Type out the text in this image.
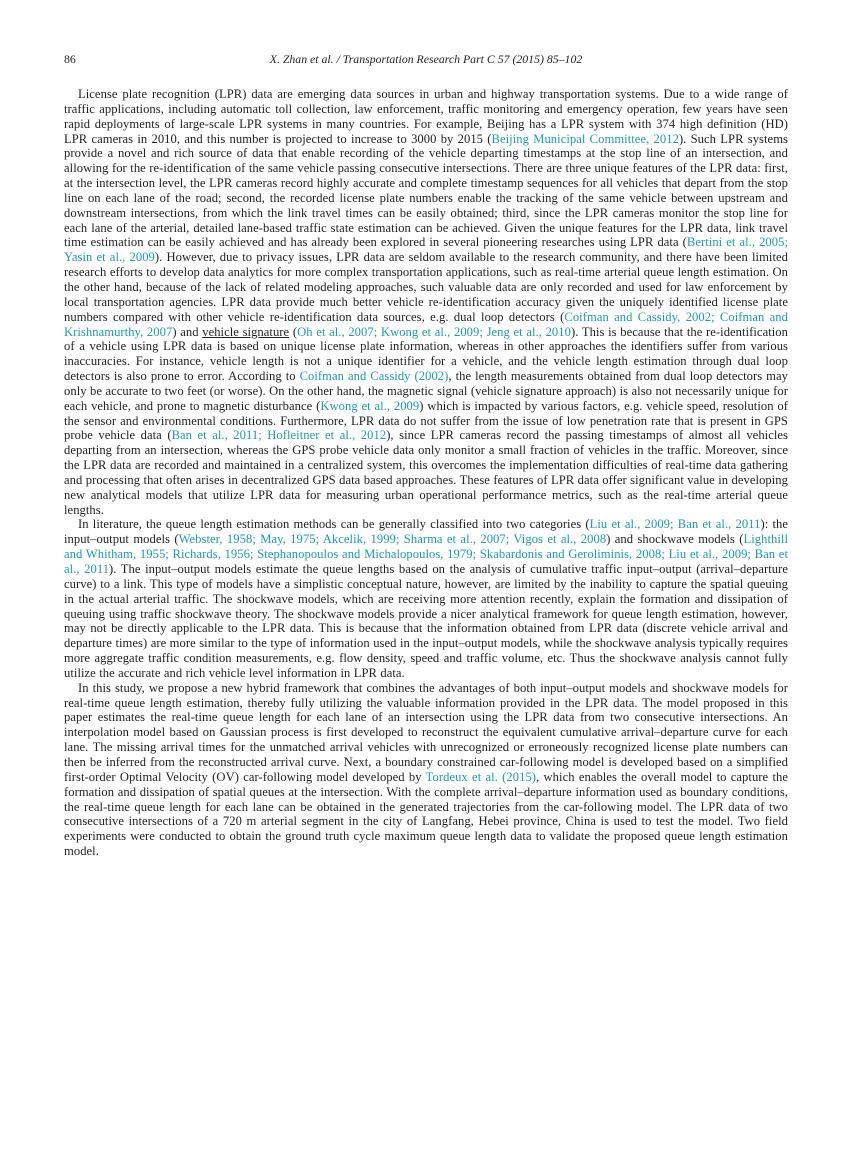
86	X. Zhan et al. / Transportation Research Part C 57 (2015) 85–102

License plate recognition (LPR) data are emerging data sources in urban and highway transportation systems. Due to a wide range of traffic applications, including automatic toll collection, law enforcement, traffic monitoring and emergency operation, few years have seen rapid deployments of large-scale LPR systems in many countries. For example, Beijing has a LPR system with 374 high definition (HD) LPR cameras in 2010, and this number is projected to increase to 3000 by 2015 (Beijing Municipal Committee, 2012). Such LPR systems provide a novel and rich source of data that enable recording of the vehicle departing timestamps at the stop line of an intersection, and allowing for the re-identification of the same vehicle passing consecutive intersections. There are three unique features of the LPR data: first, at the intersection level, the LPR cameras record highly accurate and complete timestamp sequences for all vehicles that depart from the stop line on each lane of the road; second, the recorded license plate numbers enable the tracking of the same vehicle between upstream and downstream intersections, from which the link travel times can be easily obtained; third, since the LPR cameras monitor the stop line for each lane of the arterial, detailed lane-based traffic state estimation can be achieved. Given the unique features for the LPR data, link travel time estimation can be easily achieved and has already been explored in several pioneering researches using LPR data (Bertini et al., 2005; Yasin et al., 2009). However, due to privacy issues, LPR data are seldom available to the research community, and there have been limited research efforts to develop data analytics for more complex transportation applications, such as real-time arterial queue length estimation. On the other hand, because of the lack of related modeling approaches, such valuable data are only recorded and used for law enforcement by local transportation agencies. LPR data provide much better vehicle re-identification accuracy given the uniquely identified license plate numbers compared with other vehicle re-identification data sources, e.g. dual loop detectors (Coifman and Cassidy, 2002; Coifman and Krishnamurthy, 2007) and vehicle signature (Oh et al., 2007; Kwong et al., 2009; Jeng et al., 2010). This is because that the re-identification of a vehicle using LPR data is based on unique license plate information, whereas in other approaches the identifiers suffer from various inaccuracies. For instance, vehicle length is not a unique identifier for a vehicle, and the vehicle length estimation through dual loop detectors is also prone to error. According to Coifman and Cassidy (2002), the length measurements obtained from dual loop detectors may only be accurate to two feet (or worse). On the other hand, the magnetic signal (vehicle signature approach) is also not necessarily unique for each vehicle, and prone to magnetic disturbance (Kwong et al., 2009) which is impacted by various factors, e.g. vehicle speed, resolution of the sensor and environmental conditions. Furthermore, LPR data do not suffer from the issue of low penetration rate that is present in GPS probe vehicle data (Ban et al., 2011; Hofleitner et al., 2012), since LPR cameras record the passing timestamps of almost all vehicles departing from an intersection, whereas the GPS probe vehicle data only monitor a small fraction of vehicles in the traffic. Moreover, since the LPR data are recorded and maintained in a centralized system, this overcomes the implementation difficulties of real-time data gathering and processing that often arises in decentralized GPS data based approaches. These features of LPR data offer significant value in developing new analytical models that utilize LPR data for measuring urban operational performance metrics, such as the real-time arterial queue lengths.

In literature, the queue length estimation methods can be generally classified into two categories (Liu et al., 2009; Ban et al., 2011): the input–output models (Webster, 1958; May, 1975; Akcelik, 1999; Sharma et al., 2007; Vigos et al., 2008) and shockwave models (Lighthill and Whitham, 1955; Richards, 1956; Stephanopoulos and Michalopoulos, 1979; Skabardonis and Geroliminis, 2008; Liu et al., 2009; Ban et al., 2011). The input–output models estimate the queue lengths based on the analysis of cumulative traffic input–output (arrival–departure curve) to a link. This type of models have a simplistic conceptual nature, however, are limited by the inability to capture the spatial queuing in the actual arterial traffic. The shockwave models, which are receiving more attention recently, explain the formation and dissipation of queuing using traffic shockwave theory. The shockwave models provide a nicer analytical framework for queue length estimation, however, may not be directly applicable to the LPR data. This is because that the information obtained from LPR data (discrete vehicle arrival and departure times) are more similar to the type of information used in the input–output models, while the shockwave analysis typically requires more aggregate traffic condition measurements, e.g. flow density, speed and traffic volume, etc. Thus the shockwave analysis cannot fully utilize the accurate and rich vehicle level information in LPR data.

In this study, we propose a new hybrid framework that combines the advantages of both input–output models and shockwave models for real-time queue length estimation, thereby fully utilizing the valuable information provided in the LPR data. The model proposed in this paper estimates the real-time queue length for each lane of an intersection using the LPR data from two consecutive intersections. An interpolation model based on Gaussian process is first developed to reconstruct the equivalent cumulative arrival–departure curve for each lane. The missing arrival times for the unmatched arrival vehicles with unrecognized or erroneously recognized license plate numbers can then be inferred from the reconstructed arrival curve. Next, a boundary constrained car-following model is developed based on a simplified first-order Optimal Velocity (OV) car-following model developed by Tordeux et al. (2015), which enables the overall model to capture the formation and dissipation of spatial queues at the intersection. With the complete arrival–departure information used as boundary conditions, the real-time queue length for each lane can be obtained in the generated trajectories from the car-following model. The LPR data of two consecutive intersections of a 720 m arterial segment in the city of Langfang, Hebei province, China is used to test the model. Two field experiments were conducted to obtain the ground truth cycle maximum queue length data to validate the proposed queue length estimation model.
